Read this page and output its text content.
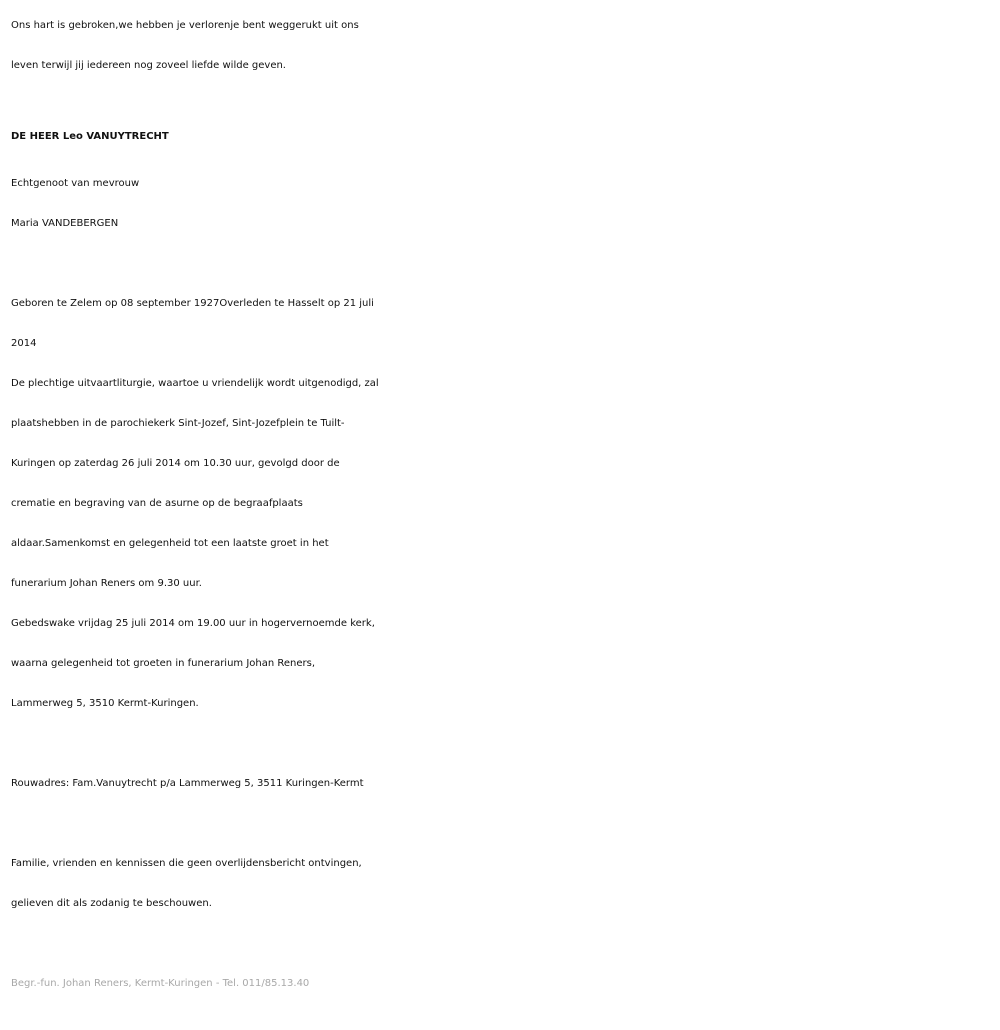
Ons hart is gebroken,we hebben je verlorenje bent weggerukt uit ons
leven terwijl jij iedereen nog zoveel liefde wilde geven.
DE HEER Leo VANUYTRECHT
Echtgenoot van mevrouw
Maria VANDEBERGEN
Geboren te Zelem op 08 september 1927Overleden te Hasselt op 21 juli
2014
De plechtige uitvaartliturgie, waartoe u vriendelijk wordt uitgenodigd, zal
plaatshebben in de parochiekerk Sint-Jozef, Sint-Jozefplein te Tuilt-
Kuringen op zaterdag 26 juli 2014 om 10.30 uur, gevolgd door de
crematie en begraving van de asurne op de begraafplaats
aldaar.Samenkomst en gelegenheid tot een laatste groet in het
funerarium Johan Reners om 9.30 uur.
Gebedswake vrijdag 25 juli 2014 om 19.00 uur in hogervernoemde kerk,
waarna gelegenheid tot groeten in funerarium Johan Reners,
Lammerweg 5, 3510 Kermt-Kuringen.
Rouwadres: Fam.Vanuytrecht p/a Lammerweg 5, 3511 Kuringen-Kermt
Familie, vrienden en kennissen die geen overlijdensbericht ontvingen,
gelieven dit als zodanig te beschouwen.
Begr.-fun. Johan Reners, Kermt-Kuringen - Tel. 011/85.13.40
